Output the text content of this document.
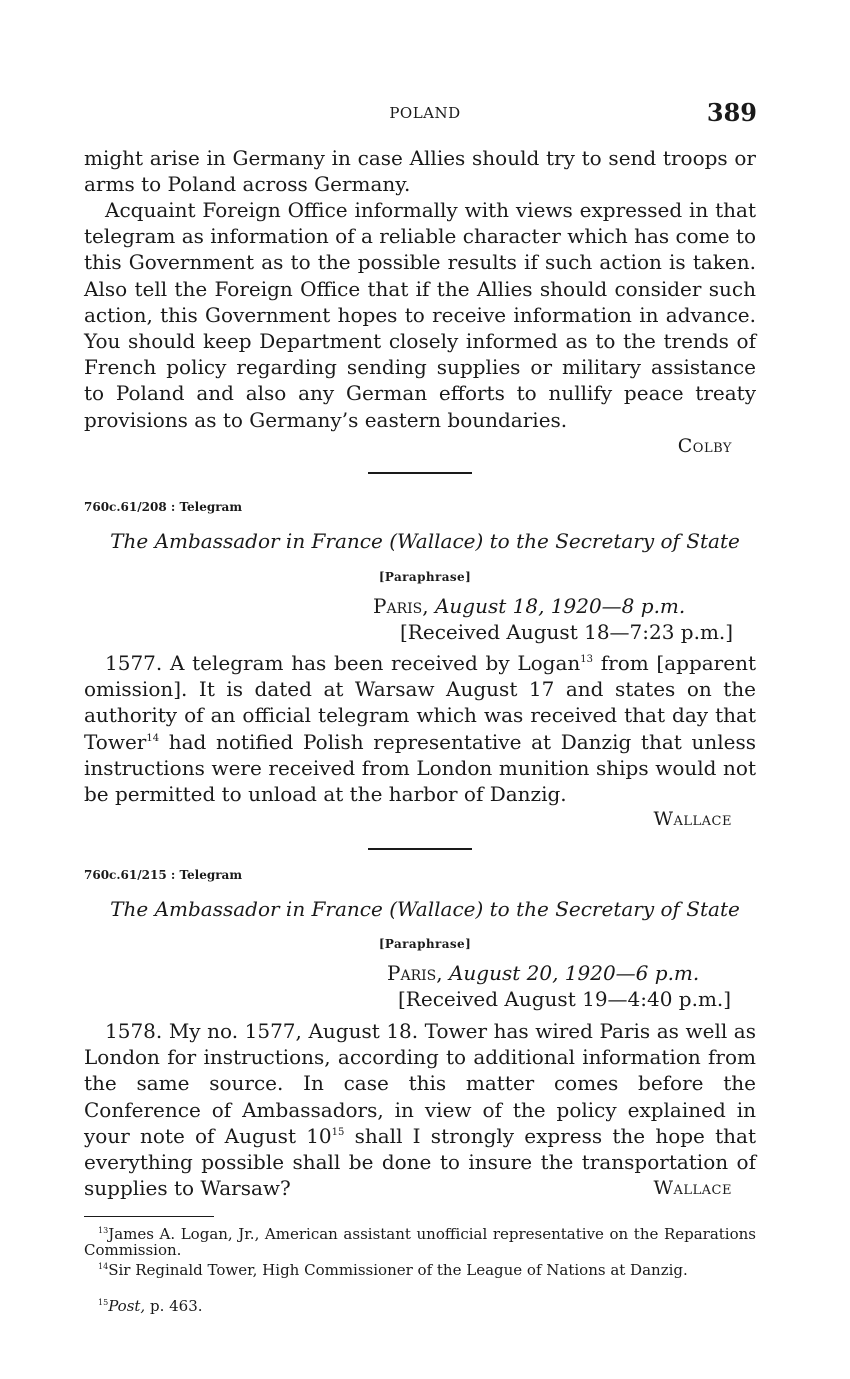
POLAND	389

might arise in Germany in case Allies should try to send troops or arms to Poland across Germany.

Acquaint Foreign Office informally with views expressed in that telegram as information of a reliable character which has come to this Government as to the possible results if such action is taken. Also tell the Foreign Office that if the Allies should consider such action, this Government hopes to receive information in advance. You should keep Department closely informed as to the trends of French policy regarding sending supplies or military assistance to Poland and also any German efforts to nullify peace treaty provisions as to Germany’s eastern boundaries.

Colby
760c.61/208 : Telegram
The Ambassador in France (Wallace) to the Secretary of State
[Paraphrase]
Paris, August 18, 1920—8 p.m.
[Received August 18—7:23 p.m.]

1577. A telegram has been received by Logan$^{13}$ from [apparent omission]. It is dated at Warsaw August 17 and states on the authority of an official telegram which was received that day that Tower$^{14}$ had notified Polish representative at Danzig that unless instructions were received from London munition ships would not be permitted to unload at the harbor of Danzig.

Wallace
760c.61/215 : Telegram
The Ambassador in France (Wallace) to the Secretary of State
[Paraphrase]
Paris, August 20, 1920—6 p.m.
[Received August 19—4:40 p.m.]

1578. My no. 1577, August 18. Tower has wired Paris as well as London for instructions, according to additional information from the same source. In case this matter comes before the Conference of Ambassadors, in view of the policy explained in your note of August $10^{15}$ shall I strongly express the hope that everything possible shall be done to insure the transportation of supplies to Warsaw?	Wallace

$^{13}$James A. Logan, Jr., American assistant unofficial representative on the Reparations Commission.

$^{14}$Sir Reginald Tower, High Commissioner of the League of Nations at Danzig.

$^{15}$Post, p. 463.
